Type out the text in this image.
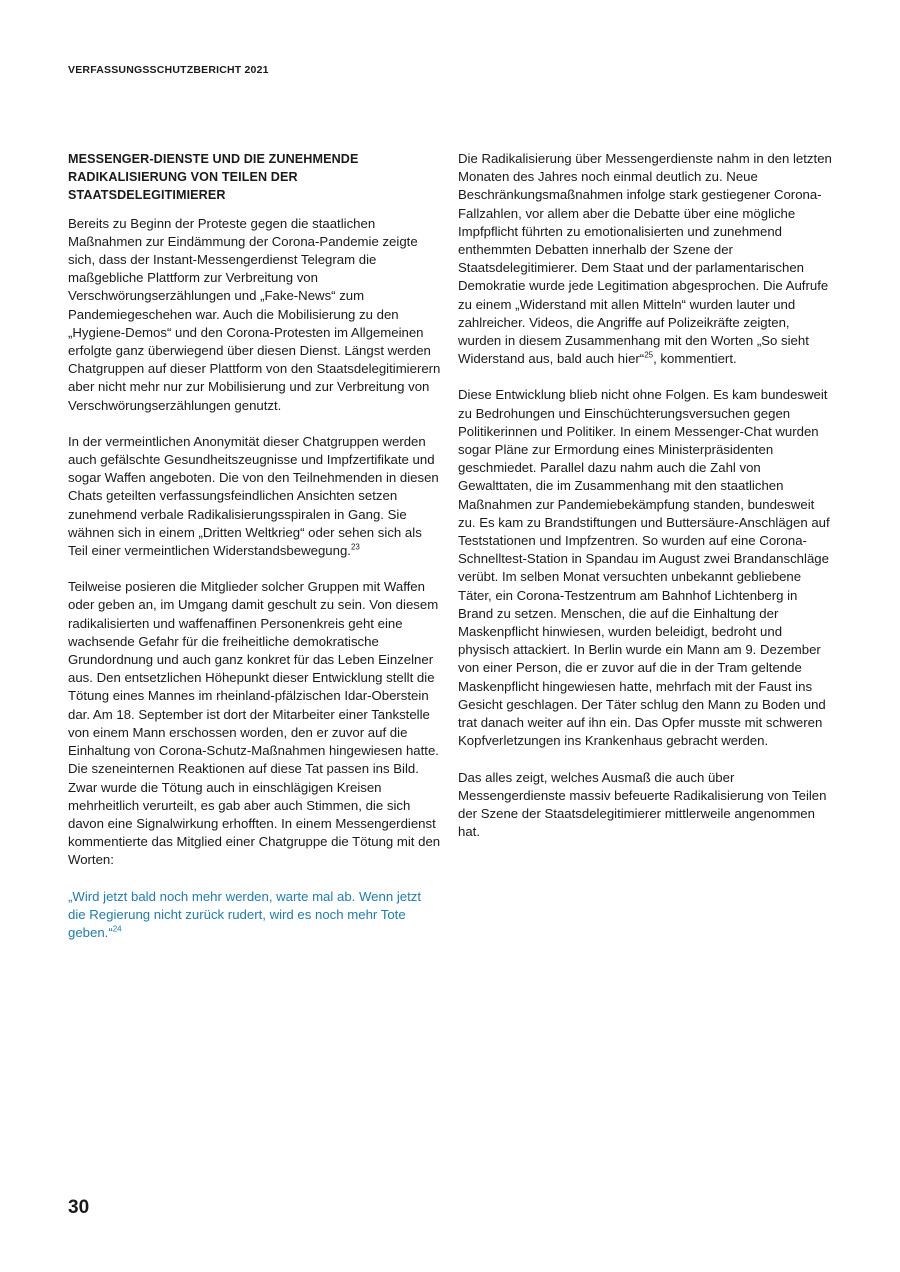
VERFASSUNGSSCHUTZBERICHT 2021
MESSENGER-DIENSTE UND DIE ZUNEHMENDE RADIKALISIERUNG VON TEILEN DER STAATSDELEGITIMIERER

Bereits zu Beginn der Proteste gegen die staatlichen Maßnahmen zur Eindämmung der Corona-Pandemie zeigte sich, dass der Instant-Messengerdienst Telegram die maßgebliche Plattform zur Verbreitung von Verschwörungserzählungen und „Fake-News“ zum Pandemiegeschehen war. Auch die Mobilisierung zu den „Hygiene-Demos“ und den Corona-Protesten im Allgemeinen erfolgte ganz überwiegend über diesen Dienst. Längst werden Chatgruppen auf dieser Plattform von den Staatsdelegitimierern aber nicht mehr nur zur Mobilisierung und zur Verbreitung von Verschwörungserzählungen genutzt.

In der vermeintlichen Anonymität dieser Chatgruppen werden auch gefälschte Gesundheitszeugnisse und Impfzertifikate und sogar Waffen angeboten. Die von den Teilnehmenden in diesen Chats geteilten verfassungsfeindlichen Ansichten setzen zunehmend verbale Radikalisierungsspiralen in Gang. Sie wähnen sich in einem „Dritten Weltkrieg“ oder sehen sich als Teil einer vermeintlichen Widerstandsbewegung.$^{23}$

Teilweise posieren die Mitglieder solcher Gruppen mit Waffen oder geben an, im Umgang damit geschult zu sein. Von diesem radikalisierten und waffenaffinen Personenkreis geht eine wachsende Gefahr für die freiheitliche demokratische Grundordnung und auch ganz konkret für das Leben Einzelner aus. Den entsetzlichen Höhepunkt dieser Entwicklung stellt die Tötung eines Mannes im rheinland-pfälzischen Idar-Oberstein dar. Am 18. September ist dort der Mitarbeiter einer Tankstelle von einem Mann erschossen worden, den er zuvor auf die Einhaltung von Corona-Schutz-Maßnahmen hingewiesen hatte. Die szeneinternen Reaktionen auf diese Tat passen ins Bild. Zwar wurde die Tötung auch in einschlägigen Kreisen mehrheitlich verurteilt, es gab aber auch Stimmen, die sich davon eine Signalwirkung erhofften. In einem Messengerdienst kommentierte das Mitglied einer Chatgruppe die Tötung mit den Worten:

„Wird jetzt bald noch mehr werden, warte mal ab. Wenn jetzt die Regierung nicht zurück rudert, wird es noch mehr Tote geben.“$^{24}$

Die Radikalisierung über Messengerdienste nahm in den letzten Monaten des Jahres noch einmal deutlich zu. Neue Beschränkungsmaßnahmen infolge stark gestiegener Corona-Fallzahlen, vor allem aber die Debatte über eine mögliche Impfpflicht führten zu emotionalisierten und zunehmend enthemmten Debatten innerhalb der Szene der Staatsdelegitimierer. Dem Staat und der parlamentarischen Demokratie wurde jede Legitimation abgesprochen. Die Aufrufe zu einem „Widerstand mit allen Mitteln“ wurden lauter und zahlreicher. Videos, die Angriffe auf Polizeikräfte zeigten, wurden in diesem Zusammenhang mit den Worten „So sieht Widerstand aus, bald auch hier“$^{25}$, kommentiert.

Diese Entwicklung blieb nicht ohne Folgen. Es kam bundesweit zu Bedrohungen und Einschüchterungsversuchen gegen Politikerinnen und Politiker. In einem Messenger-Chat wurden sogar Pläne zur Ermordung eines Ministerpräsidenten geschmiedet. Parallel dazu nahm auch die Zahl von Gewalttaten, die im Zusammenhang mit den staatlichen Maßnahmen zur Pandemiebekämpfung standen, bundesweit zu. Es kam zu Brandstiftungen und Buttersäure-Anschlägen auf Teststationen und Impfzentren. So wurden auf eine Corona-Schnelltest-Station in Spandau im August zwei Brandanschläge verübt. Im selben Monat versuchten unbekannt gebliebene Täter, ein Corona-Testzentrum am Bahnhof Lichtenberg in Brand zu setzen. Menschen, die auf die Einhaltung der Maskenpflicht hinwiesen, wurden beleidigt, bedroht und physisch attackiert. In Berlin wurde ein Mann am 9. Dezember von einer Person, die er zuvor auf die in der Tram geltende Maskenpflicht hingewiesen hatte, mehrfach mit der Faust ins Gesicht geschlagen. Der Täter schlug den Mann zu Boden und trat danach weiter auf ihn ein. Das Opfer musste mit schweren Kopfverletzungen ins Krankenhaus gebracht werden.

Das alles zeigt, welches Ausmaß die auch über Messengerdienste massiv befeuerte Radikalisierung von Teilen der Szene der Staatsdelegitimierer mittlerweile angenommen hat.

30
